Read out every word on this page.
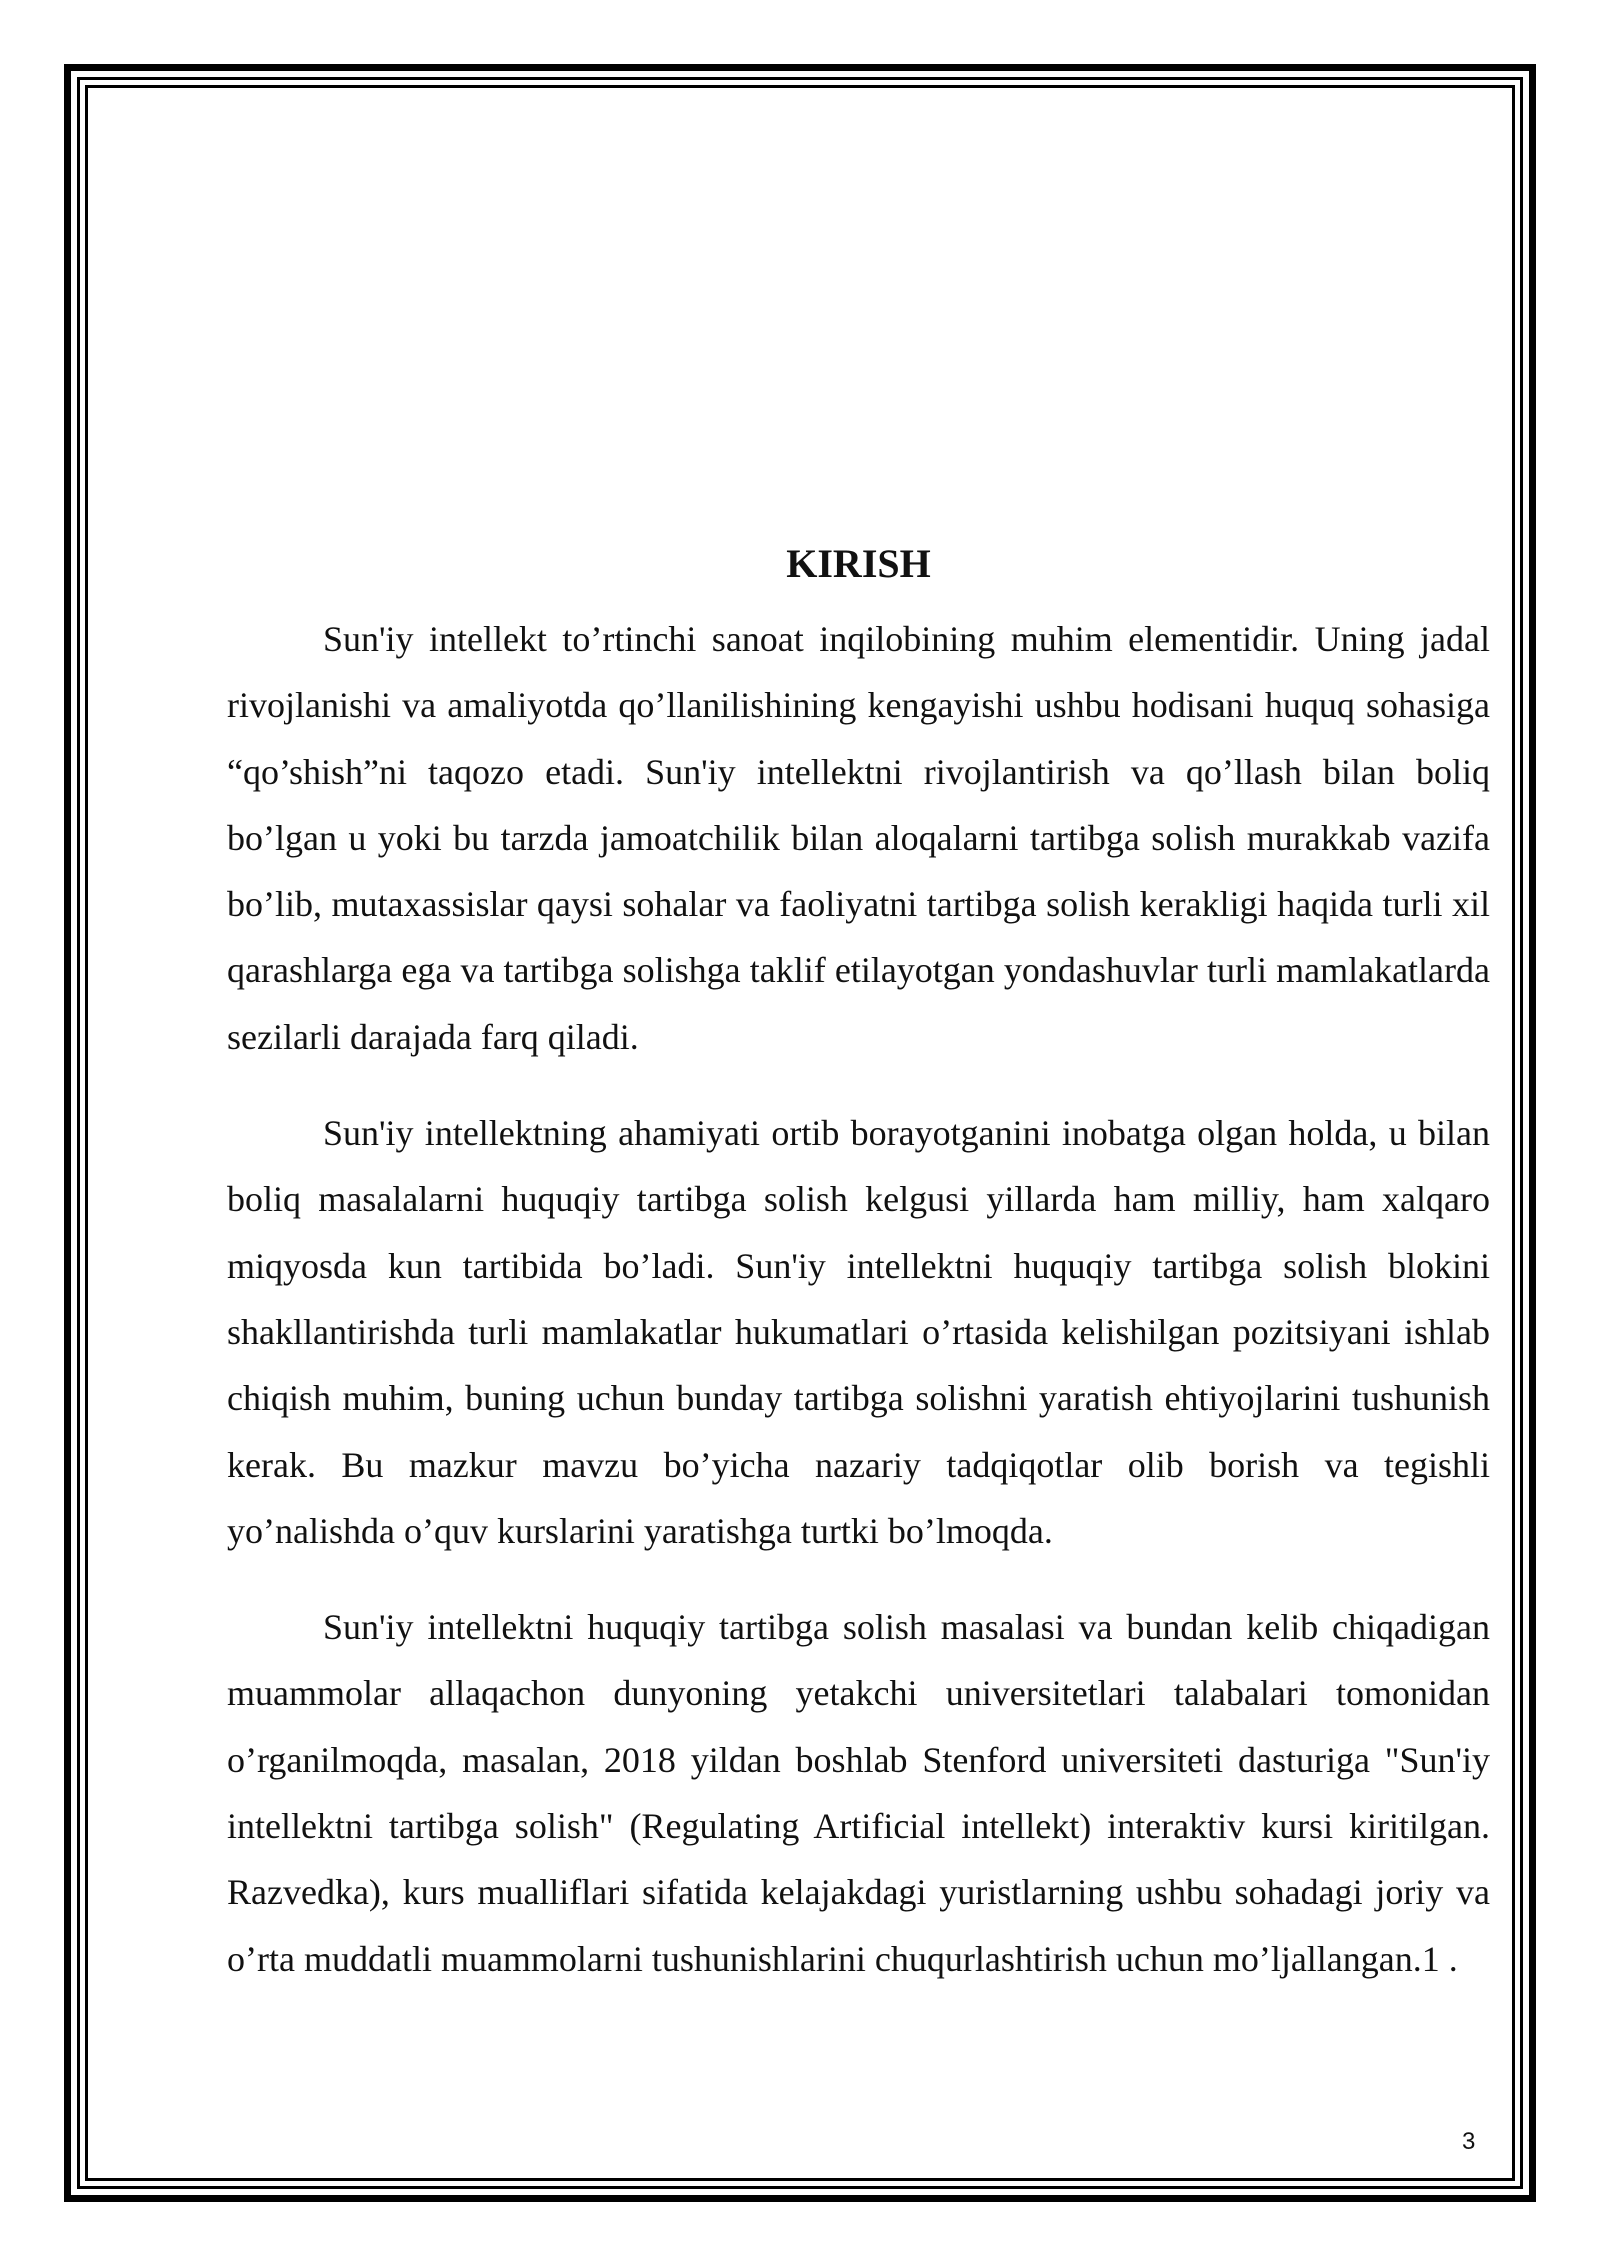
KIRISH

Sun'iy intellekt to’rtinchi sanoat inqilobining muhim elementidir. Uning jadal rivojlanishi va amaliyotda qo’llanilishining kengayishi ushbu hodisani huquq sohasiga “qo’shish”ni taqozo etadi. Sun'iy intellektni rivojlantirish va qo’llash bilan boliq bo’lgan u yoki bu tarzda jamoatchilik bilan aloqalarni tartibga solish murakkab vazifa bo’lib, mutaxassislar qaysi sohalar va faoliyatni tartibga solish kerakligi haqida turli xil qarashlarga ega va tartibga solishga taklif etilayotgan yondashuvlar turli mamlakatlarda sezilarli darajada farq qiladi.

Sun'iy intellektning ahamiyati ortib borayotganini inobatga olgan holda, u bilan boliq masalalarni huquqiy tartibga solish kelgusi yillarda ham milliy, ham xalqaro miqyosda kun tartibida bo’ladi. Sun'iy intellektni huquqiy tartibga solish blokini shakllantirishda turli mamlakatlar hukumatlari o’rtasida kelishilgan pozitsiyani ishlab chiqish muhim, buning uchun bunday tartibga solishni yaratish ehtiyojlarini tushunish kerak. Bu mazkur mavzu bo’yicha nazariy tadqiqotlar olib borish va tegishli yo’nalishda o’quv kurslarini yaratishga turtki bo’lmoqda.

Sun'iy intellektni huquqiy tartibga solish masalasi va bundan kelib chiqadigan muammolar allaqachon dunyoning yetakchi universitetlari talabalari tomonidan o’rganilmoqda, masalan, 2018 yildan boshlab Stenford universiteti dasturiga "Sun'iy intellektni tartibga solish" (Regulating Artificial intellekt) interaktiv kursi kiritilgan. Razvedka), kurs mualliflari sifatida kelajakdagi yuristlarning ushbu sohadagi joriy va o’rta muddatli muammolarni tushunishlarini chuqurlashtirish uchun mo’ljallangan.1 .

3
